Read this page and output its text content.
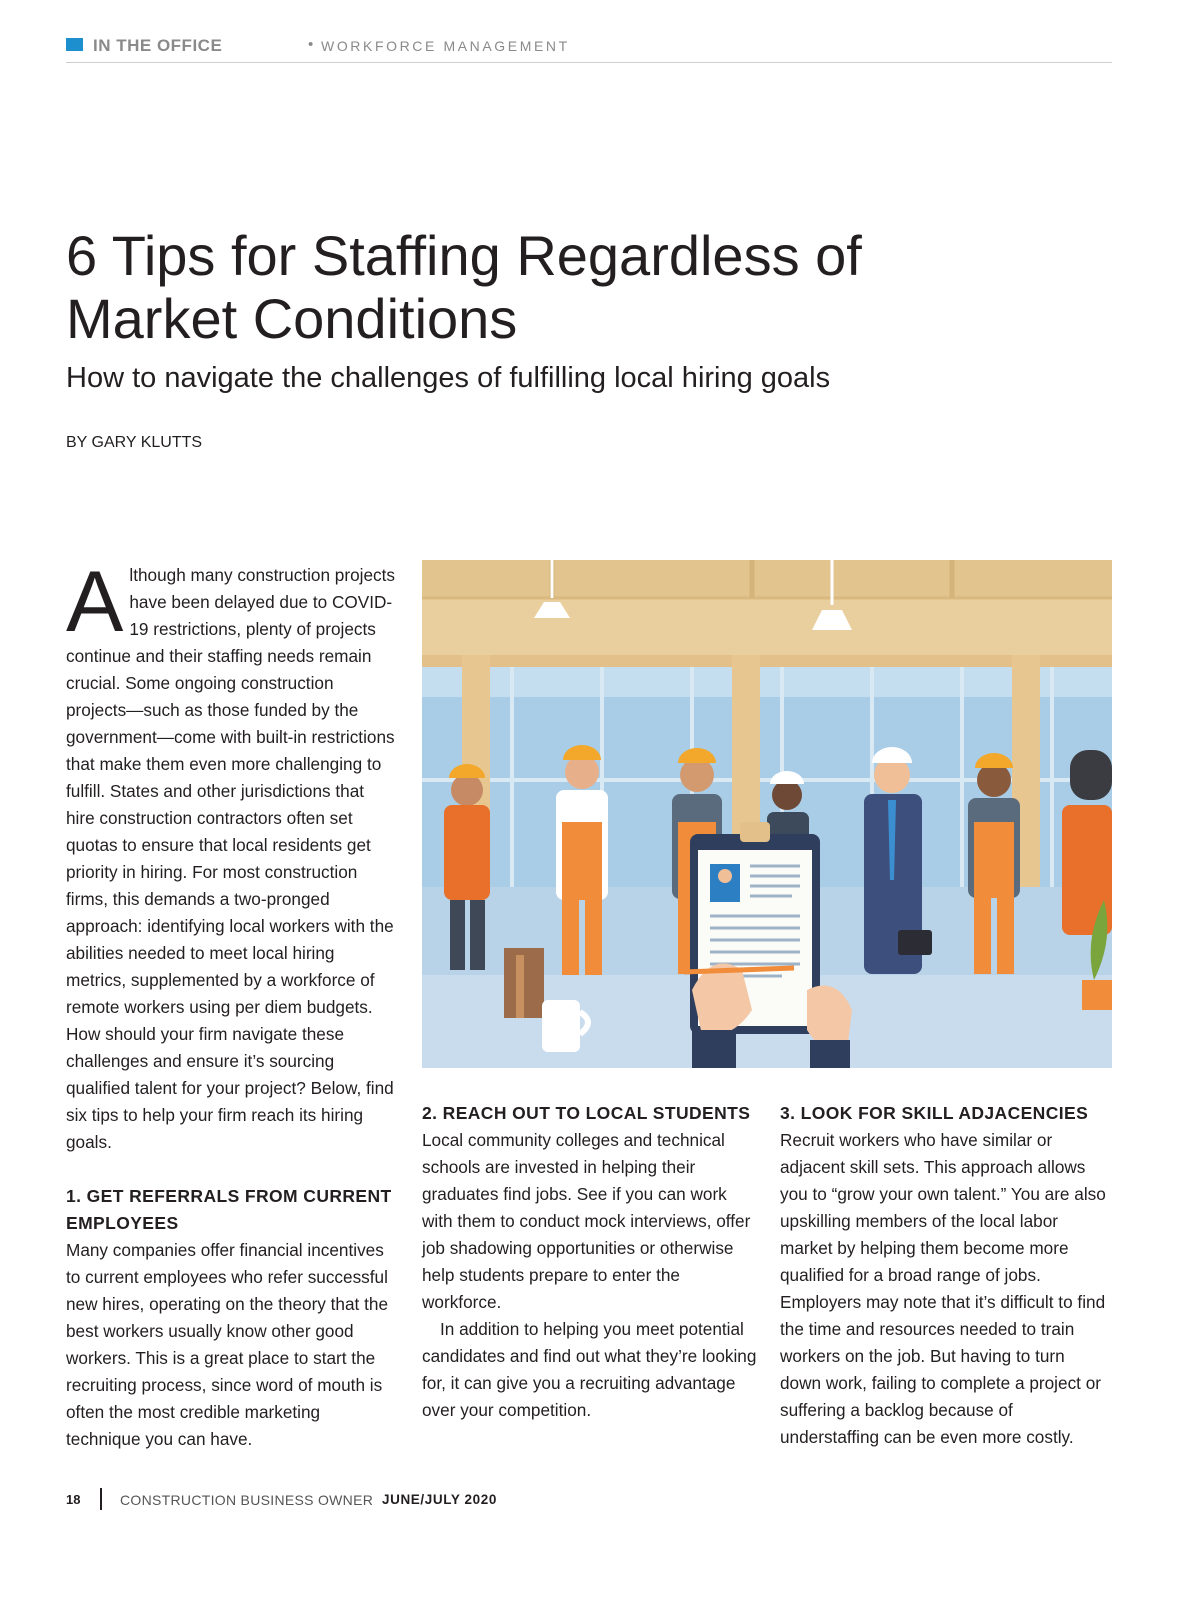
IN THE OFFICE	• WORKFORCE MANAGEMENT
6 Tips for Staffing Regardless of Market Conditions
How to navigate the challenges of fulfilling local hiring goals
BY GARY KLUTTS

Although many construction projects have been delayed due to COVID-19 restrictions, plenty of projects continue and their staffing needs remain crucial. Some ongoing construction projects—such as those funded by the government—come with built-in restrictions that make them even more challenging to fulfill. States and other jurisdictions that hire construction contractors often set quotas to ensure that local residents get priority in hiring. For most construction firms, this demands a two-pronged approach: identifying local workers with the abilities needed to meet local hiring metrics, supplemented by a workforce of remote workers using per diem budgets. How should your firm navigate these challenges and ensure it’s sourcing qualified talent for your project? Below, find six tips to help your firm reach its hiring goals.

1. GET REFERRALS FROM CURRENT EMPLOYEES

Many companies offer financial incentives to current employees who refer successful new hires, operating on the theory that the best workers usually know other good workers. This is a great place to start the recruiting process, since word of mouth is often the most credible marketing technique you can have.

2. REACH OUT TO LOCAL STUDENTS

Local community colleges and technical schools are invested in helping their graduates find jobs. See if you can work with them to conduct mock interviews, offer job shadowing opportunities or otherwise help students prepare to enter the workforce.

In addition to helping you meet potential candidates and find out what they’re looking for, it can give you a recruiting advantage over your competition.

3. LOOK FOR SKILL ADJACENCIES

Recruit workers who have similar or adjacent skill sets. This approach allows you to “grow your own talent.” You are also upskilling members of the local labor market by helping them become more qualified for a broad range of jobs. Employers may note that it’s difficult to find the time and resources needed to train workers on the job. But having to turn down work, failing to complete a project or suffering a backlog because of understaffing can be even more costly.

18	CONSTRUCTION BUSINESS OWNER JUNE/JULY 2020
